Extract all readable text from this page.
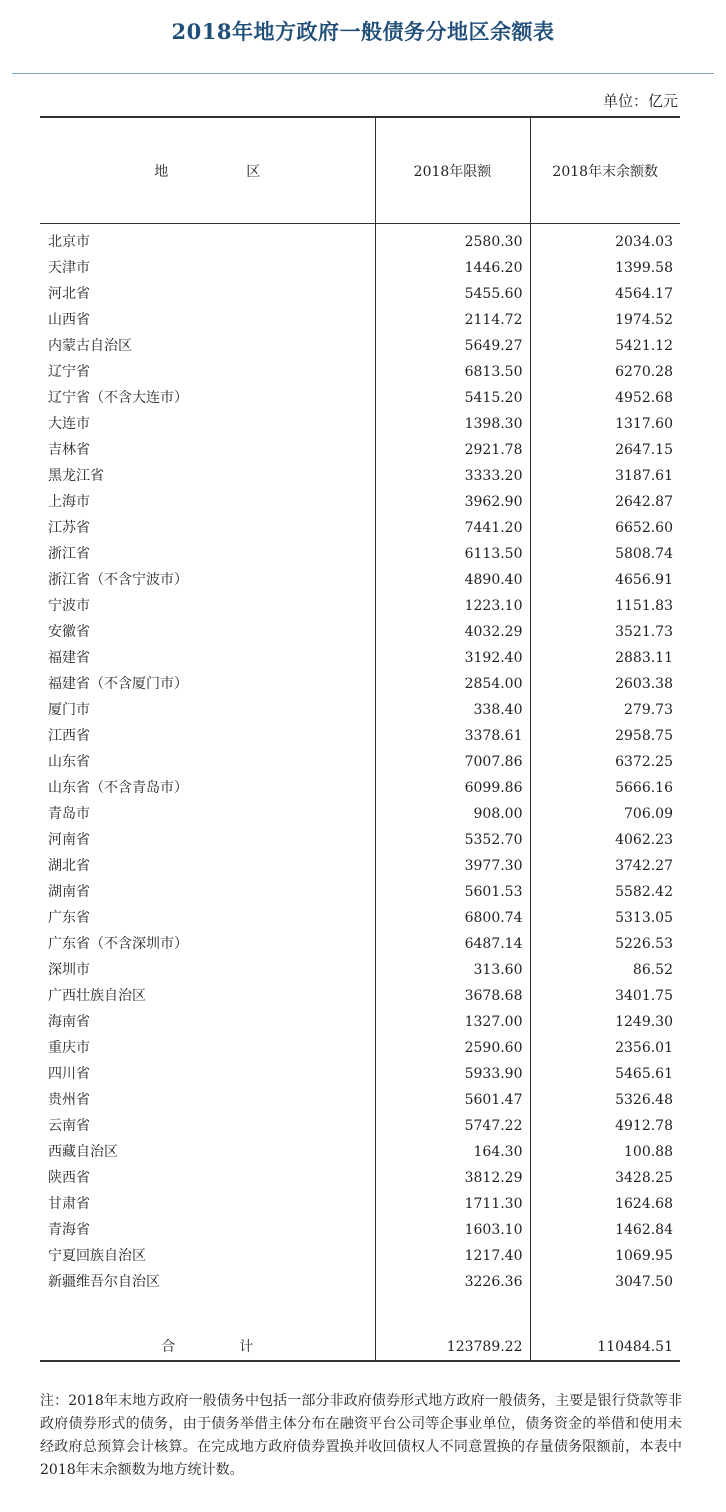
2018年地方政府一般债务分地区余额表
单位：亿元
地 区	2018年限额	2018年末余额数
北京市	2580.30	2034.03
天津市	1446.20	1399.58
河北省	5455.60	4564.17
山西省	2114.72	1974.52
内蒙古自治区	5649.27	5421.12
辽宁省	6813.50	6270.28
辽宁省（不含大连市）	5415.20	4952.68
大连市	1398.30	1317.60
吉林省	2921.78	2647.15
黑龙江省	3333.20	3187.61
上海市	3962.90	2642.87
江苏省	7441.20	6652.60
浙江省	6113.50	5808.74
浙江省（不含宁波市）	4890.40	4656.91
宁波市	1223.10	1151.83
安徽省	4032.29	3521.73
福建省	3192.40	2883.11
福建省（不含厦门市）	2854.00	2603.38
厦门市	338.40	279.73
江西省	3378.61	2958.75
山东省	7007.86	6372.25
山东省（不含青岛市）	6099.86	5666.16
青岛市	908.00	706.09
河南省	5352.70	4062.23
湖北省	3977.30	3742.27
湖南省	5601.53	5582.42
广东省	6800.74	5313.05
广东省（不含深圳市）	6487.14	5226.53
深圳市	313.60	86.52
广西壮族自治区	3678.68	3401.75
海南省	1327.00	1249.30
重庆市	2590.60	2356.01
四川省	5933.90	5465.61
贵州省	5601.47	5326.48
云南省	5747.22	4912.78
西藏自治区	164.30	100.88
陕西省	3812.29	3428.25
甘肃省	1711.30	1624.68
青海省	1603.10	1462.84
宁夏回族自治区	1217.40	1069.95
新疆维吾尔自治区	3226.36	3047.50

合 计	123789.22	110484.51
注：2018年末地方政府一般债务中包括一部分非政府债券形式地方政府一般债务，主要是银行贷款等非政府债券形式的债务，由于债务举借主体分布在融资平台公司等企事业单位，债务资金的举借和使用未经政府总预算会计核算。在完成地方政府债券置换并收回债权人不同意置换的存量债务限额前，本表中2018年末余额数为地方统计数。
